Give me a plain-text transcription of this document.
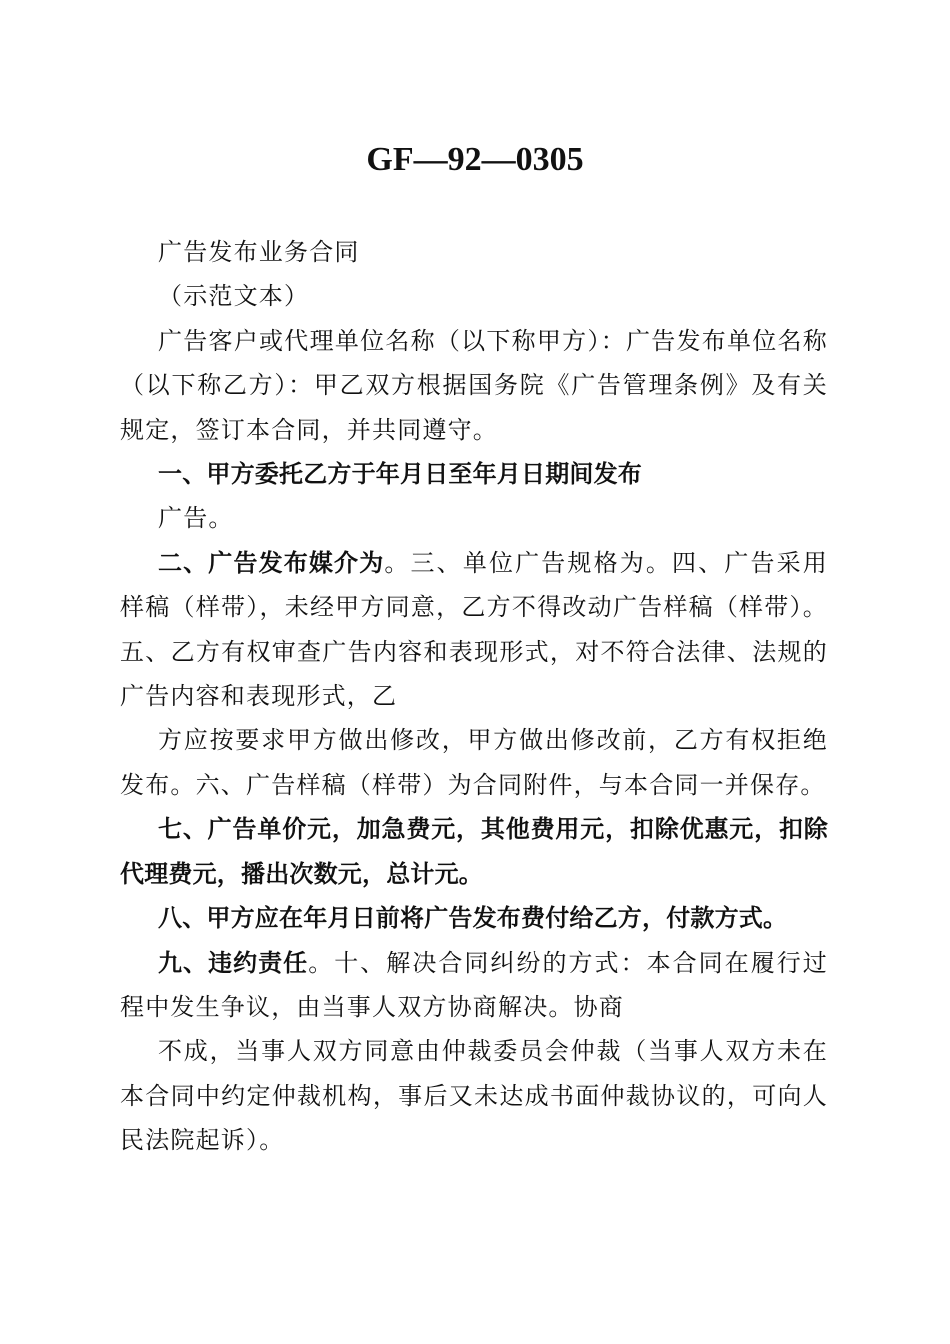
GF—92—0305

广告发布业务合同

（示范文本）

广告客户或代理单位名称（以下称甲方）：广告发布单位名称（以下称乙方）：甲乙双方根据国务院《广告管理条例》及有关规定，签订本合同，并共同遵守。

一、甲方委托乙方于年月日至年月日期间发布

广告。

二、广告发布媒介为。三、单位广告规格为。四、广告采用样稿（样带），未经甲方同意，乙方不得改动广告样稿（样带）。五、乙方有权审查广告内容和表现形式，对不符合法律、法规的广告内容和表现形式，乙

方应按要求甲方做出修改，甲方做出修改前，乙方有权拒绝发布。六、广告样稿（样带）为合同附件，与本合同一并保存。

七、广告单价元，加急费元，其他费用元，扣除优惠元，扣除代理费元，播出次数元，总计元。

八、甲方应在年月日前将广告发布费付给乙方，付款方式。

九、违约责任。十、解决合同纠纷的方式：本合同在履行过程中发生争议，由当事人双方协商解决。协商

不成，当事人双方同意由仲裁委员会仲裁（当事人双方未在本合同中约定仲裁机构，事后又未达成书面仲裁协议的，可向人民法院起诉）。
